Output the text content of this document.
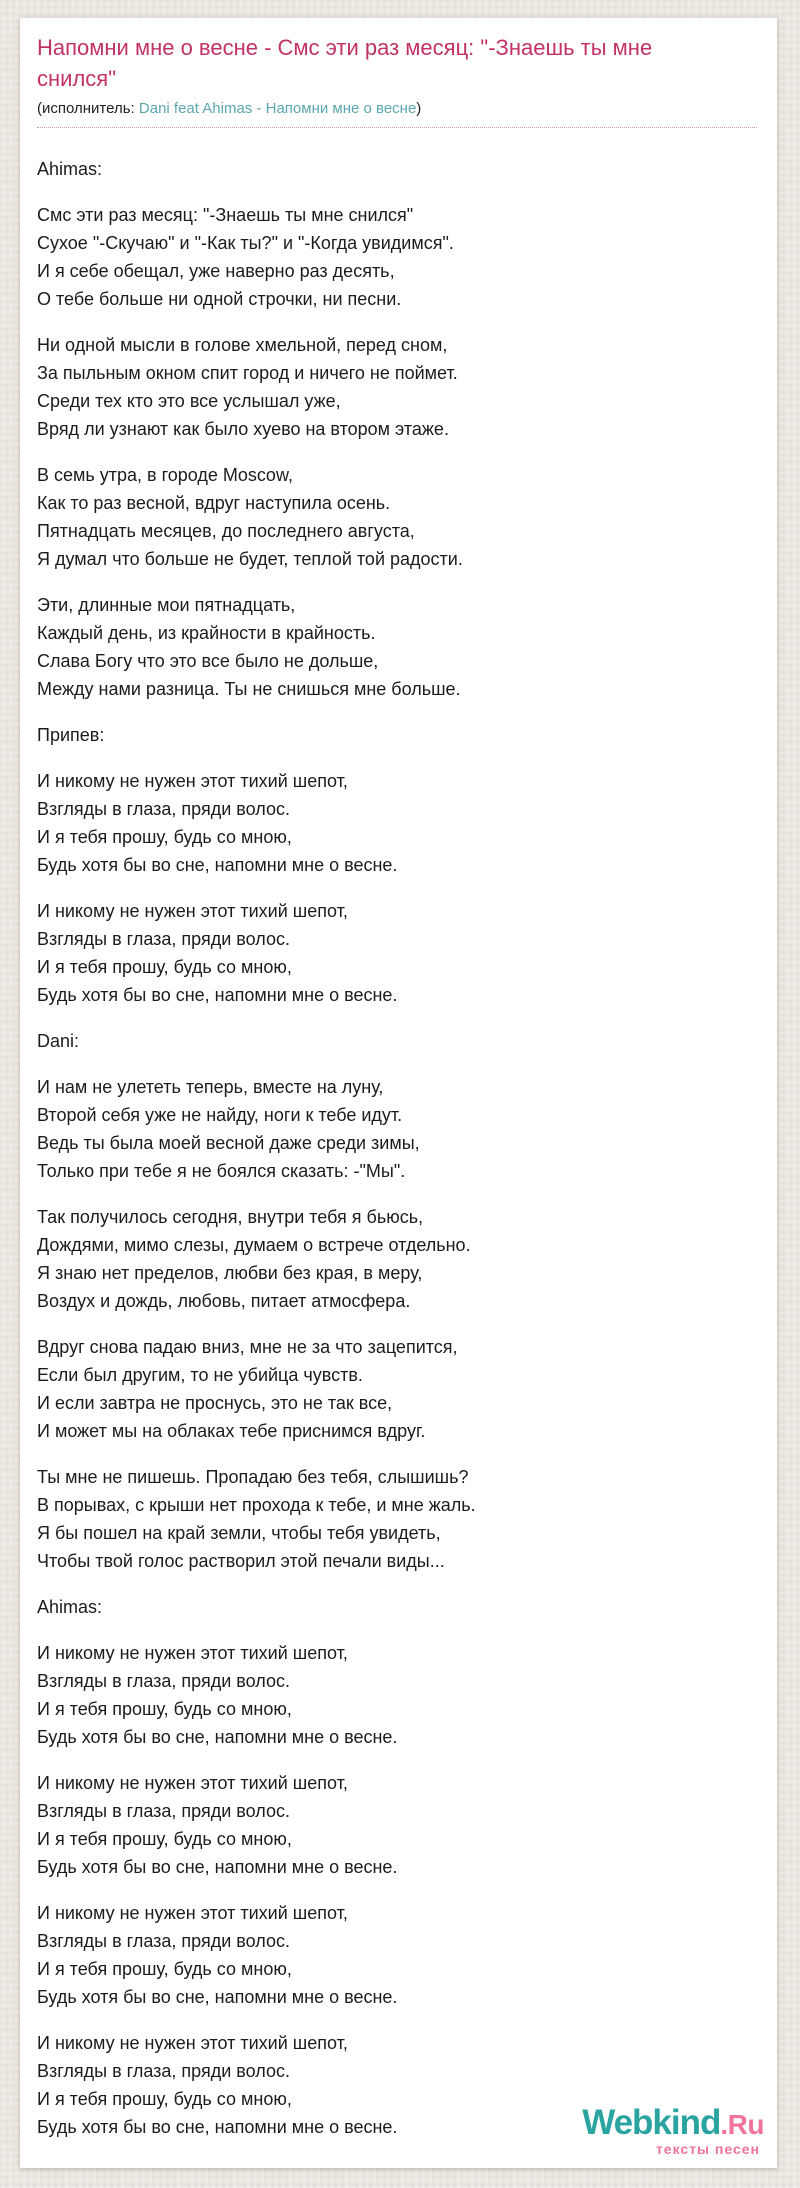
Напомни мне о весне - Смс эти раз месяц: "-Знаешь ты мне снился"
(исполнитель: Dani feat Ahimas - Напомни мне о весне)

Ahimas:

Смс эти раз месяц: "-Знаешь ты мне снился"
Сухое "-Скучаю" и "-Как ты?" и "-Когда увидимся".
И я себе обещал, уже наверно раз десять,
О тебе больше ни одной строчки, ни песни.

Ни одной мысли в голове хмельной, перед сном,
За пыльным окном спит город и ничего не поймет.
Среди тех кто это все услышал уже,
Вряд ли узнают как было хуево на втором этаже.

В семь утра, в городе Moscow,
Как то раз весной, вдруг наступила осень.
Пятнадцать месяцев, до последнего августа,
Я думал что больше не будет, теплой той радости.

Эти, длинные мои пятнадцать,
Каждый день, из крайности в крайность.
Слава Богу что это все было не дольше,
Между нами разница. Ты не снишься мне больше.

Припев:

И никому не нужен этот тихий шепот,
Взгляды в глаза, пряди волос.
И я тебя прошу, будь со мною,
Будь хотя бы во сне, напомни мне о весне.

И никому не нужен этот тихий шепот,
Взгляды в глаза, пряди волос.
И я тебя прошу, будь со мною,
Будь хотя бы во сне, напомни мне о весне.

Dani:

И нам не улететь теперь, вместе на луну,
Второй себя уже не найду, ноги к тебе идут.
Ведь ты была моей весной даже среди зимы,
Только при тебе я не боялся сказать: -"Мы".

Так получилось сегодня, внутри тебя я бьюсь,
Дождями, мимо слезы, думаем о встрече отдельно.
Я знаю нет пределов, любви без края, в меру,
Воздух и дождь, любовь, питает атмосфера.

Вдруг снова падаю вниз, мне не за что зацепится,
Если был другим, то не убийца чувств.
И если завтра не проснусь, это не так все,
И может мы на облаках тебе приснимся вдруг.

Ты мне не пишешь. Пропадаю без тебя, слышишь?
В порывах, с крыши нет прохода к тебе, и мне жаль.
Я бы пошел на край земли, чтобы тебя увидеть,
Чтобы твой голос растворил этой печали виды...

Ahimas:

И никому не нужен этот тихий шепот,
Взгляды в глаза, пряди волос.
И я тебя прошу, будь со мною,
Будь хотя бы во сне, напомни мне о весне.

И никому не нужен этот тихий шепот,
Взгляды в глаза, пряди волос.
И я тебя прошу, будь со мною,
Будь хотя бы во сне, напомни мне о весне.

И никому не нужен этот тихий шепот,
Взгляды в глаза, пряди волос.
И я тебя прошу, будь со мною,
Будь хотя бы во сне, напомни мне о весне.

И никому не нужен этот тихий шепот,
Взгляды в глаза, пряди волос.
И я тебя прошу, будь со мною,
Будь хотя бы во сне, напомни мне о весне.	Webkind.Ru
тексты песен
